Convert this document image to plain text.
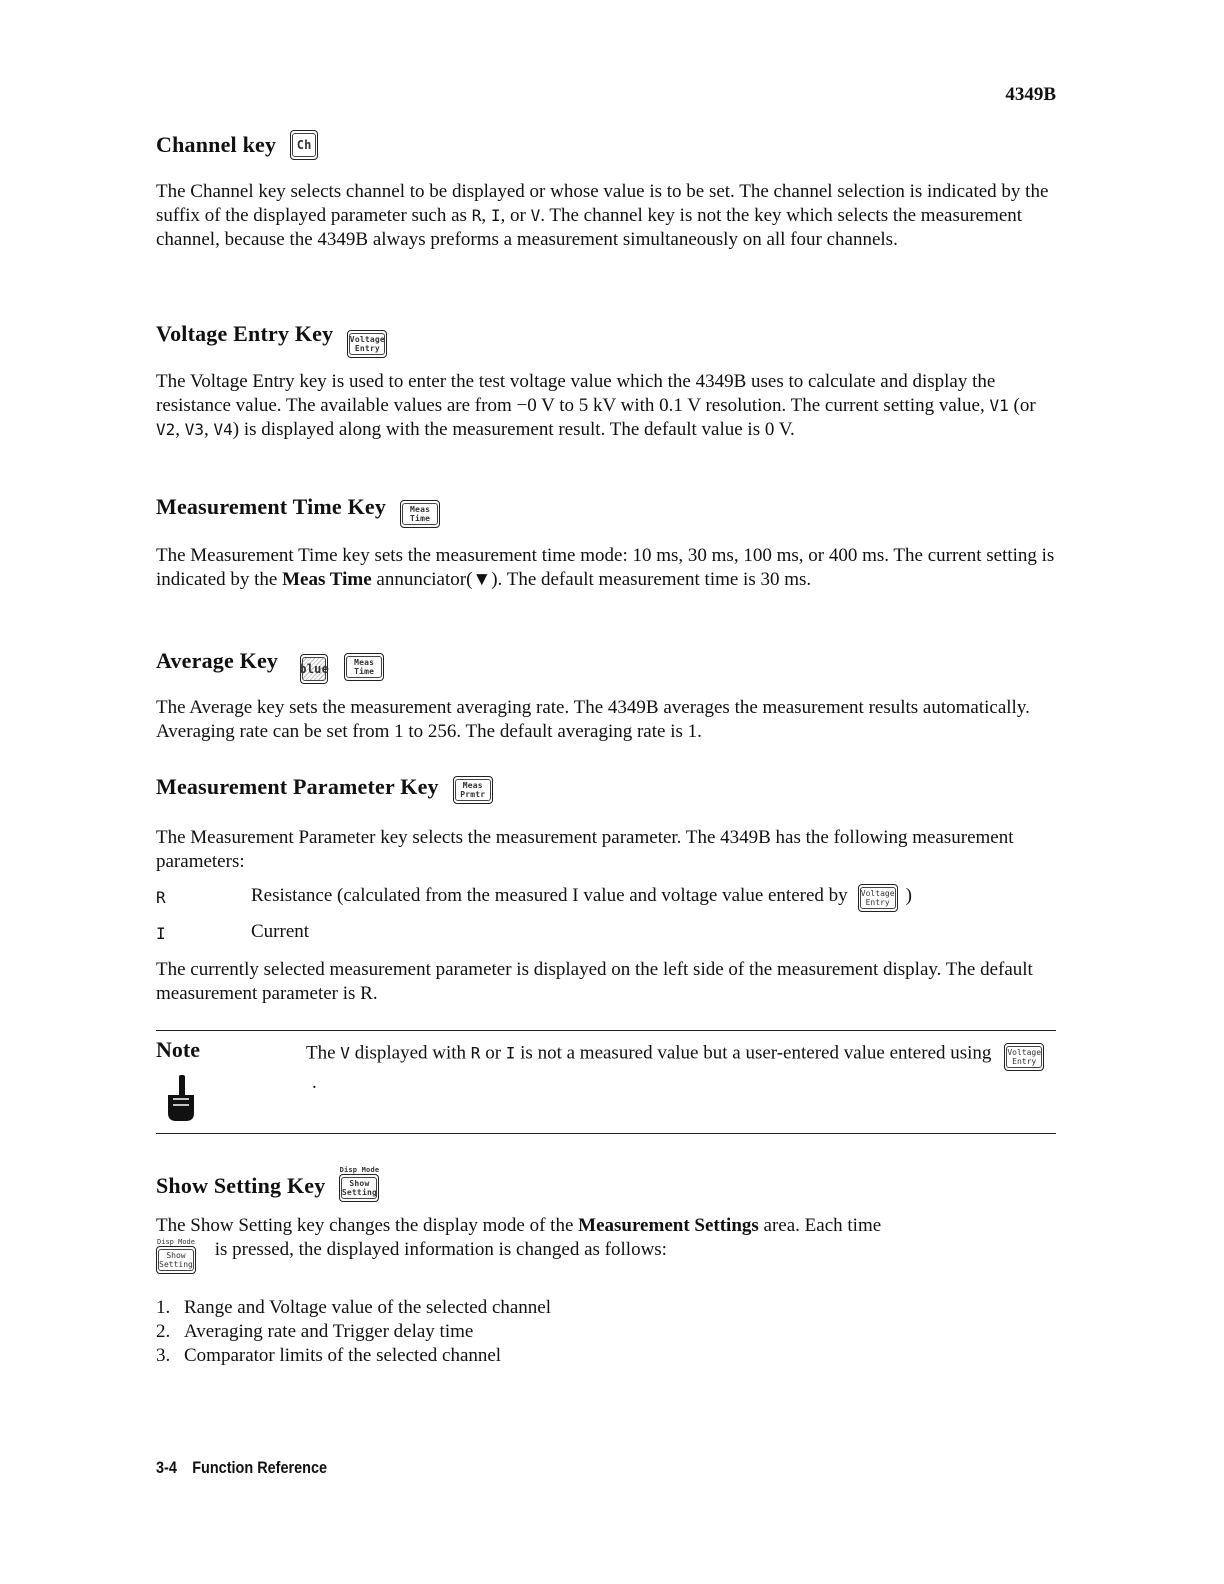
4349B
Channel key	Ch
The Channel key selects channel to be displayed or whose value is to be set. The channel selection is indicated by the suffix of the displayed parameter such as R, I, or V. The channel key is not the key which selects the measurement channel, because the 4349B always preforms a measurement simultaneously on all four channels.
Voltage Entry Key Voltage
Entry
The Voltage Entry key is used to enter the test voltage value which the 4349B uses to calculate and display the resistance value. The available values are from −0 V to 5 kV with 0.1 V resolution. The current setting value, V1 (or V2, V3, V4) is displayed along with the measurement result. The default value is 0 V.
Measurement Time Key	Meas
Time
The Measurement Time key sets the measurement time mode: 10 ms, 30 ms, 100 ms, or 400 ms. The current setting is indicated by the Meas Time annunciator(▼). The default measurement time is 30 ms.
Average Key blue	Meas
Time
The Average key sets the measurement averaging rate. The 4349B averages the measurement results automatically. Averaging rate can be set from 1 to 256. The default averaging rate is 1.
Measurement Parameter Key	Meas
Prmtr
The Measurement Parameter key selects the measurement parameter. The 4349B has the following measurement parameters:
R	Resistance (calculated from the measured I value and voltage value entered by Voltage
Entry )
I	Current
The currently selected measurement parameter is displayed on the left side of the measurement display. The default measurement parameter is R.
Note	The V displayed with R or I is not a measured value but a user-entered value entered using Voltage
Entry
.
Show Setting Key
Disp Mode
Show
Setting
The Show Setting key changes the display mode of the Measurement Settings area. Each time

Disp Mode
Show
Setting
is pressed, the displayed information is changed as follows:
1. Range and Voltage value of the selected channel
2. Averaging rate and Trigger delay time
3. Comparator limits of the selected channel
3-4 Function Reference
